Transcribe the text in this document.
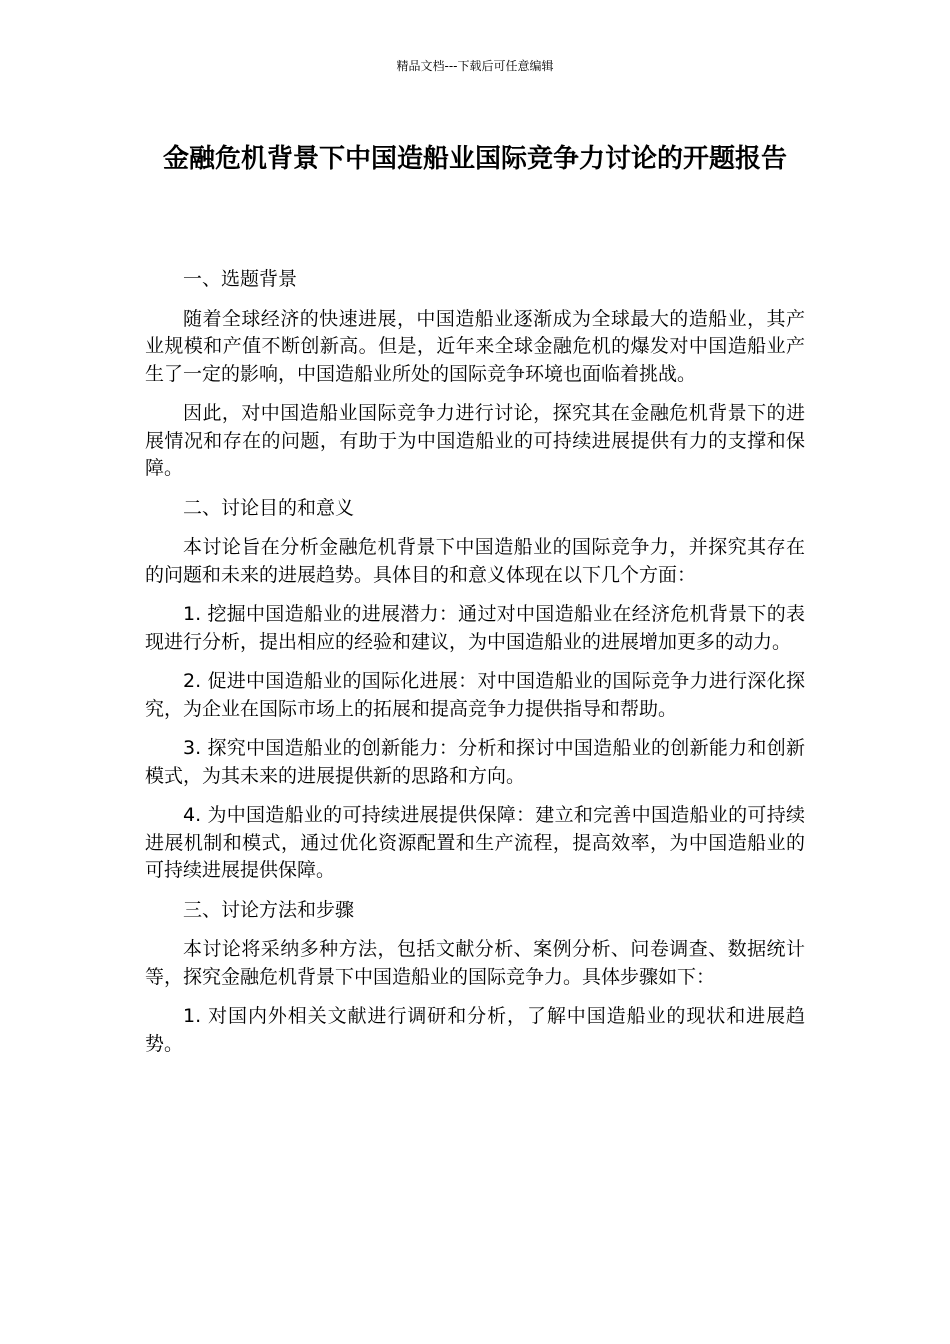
精品文档---下载后可任意编辑
金融危机背景下中国造船业国际竞争力讨论的开题报告

一、选题背景

随着全球经济的快速进展，中国造船业逐渐成为全球最大的造船业，其产业规模和产值不断创新高。但是，近年来全球金融危机的爆发对中国造船业产生了一定的影响，中国造船业所处的国际竞争环境也面临着挑战。

因此，对中国造船业国际竞争力进行讨论，探究其在金融危机背景下的进展情况和存在的问题，有助于为中国造船业的可持续进展提供有力的支撑和保障。

二、讨论目的和意义

本讨论旨在分析金融危机背景下中国造船业的国际竞争力，并探究其存在的问题和未来的进展趋势。具体目的和意义体现在以下几个方面：

1. 挖掘中国造船业的进展潜力：通过对中国造船业在经济危机背景下的表现进行分析，提出相应的经验和建议，为中国造船业的进展增加更多的动力。

2. 促进中国造船业的国际化进展：对中国造船业的国际竞争力进行深化探究，为企业在国际市场上的拓展和提高竞争力提供指导和帮助。

3. 探究中国造船业的创新能力：分析和探讨中国造船业的创新能力和创新模式，为其未来的进展提供新的思路和方向。

4. 为中国造船业的可持续进展提供保障：建立和完善中国造船业的可持续进展机制和模式，通过优化资源配置和生产流程，提高效率，为中国造船业的可持续进展提供保障。

三、讨论方法和步骤

本讨论将采纳多种方法，包括文献分析、案例分析、问卷调查、数据统计等，探究金融危机背景下中国造船业的国际竞争力。具体步骤如下：

1. 对国内外相关文献进行调研和分析，了解中国造船业的现状和进展趋势。
